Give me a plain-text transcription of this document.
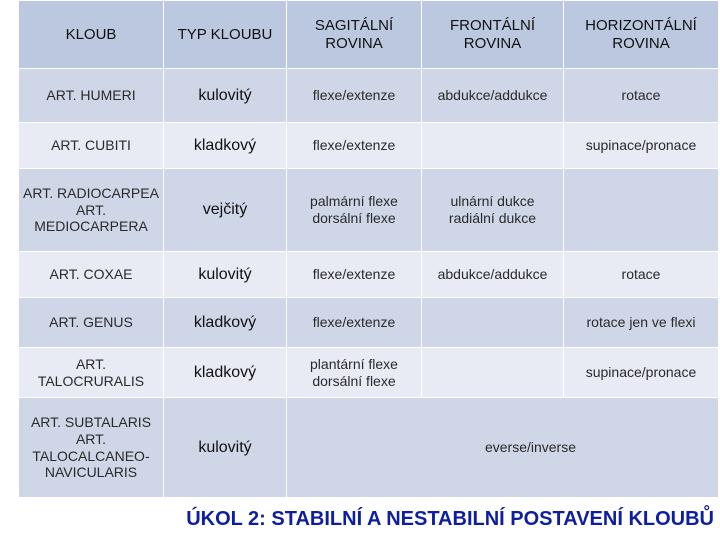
KLOUB	TYP KLOUBU	SAGITÁLNÍ ROVINA	FRONTÁLNÍ ROVINA	HORIZONTÁLNÍ ROVINA
ART. HUMERI	kulovitý	flexe/extenze	abdukce/addukce	rotace
ART. CUBITI	kladkový	flexe/extenze		supinace/pronace
ART. RADIOCARPEA ART. MEDIOCARPERA	vejčitý	palmární flexe dorsální flexe	ulnární dukce radiální dukce	
ART. COXAE	kulovitý	flexe/extenze	abdukce/addukce	rotace
ART. GENUS	kladkový	flexe/extenze		rotace jen ve flexi
ART. TALOCRURALIS	kladkový	plantární flexe dorsální flexe		supinace/pronace
ART. SUBTALARIS ART. TALOCALCANEO-NAVICULARIS	kulovitý	everse/inverse		
ÚKOL 2: STABILNÍ A NESTABILNÍ POSTAVENÍ KLOUBŮ
